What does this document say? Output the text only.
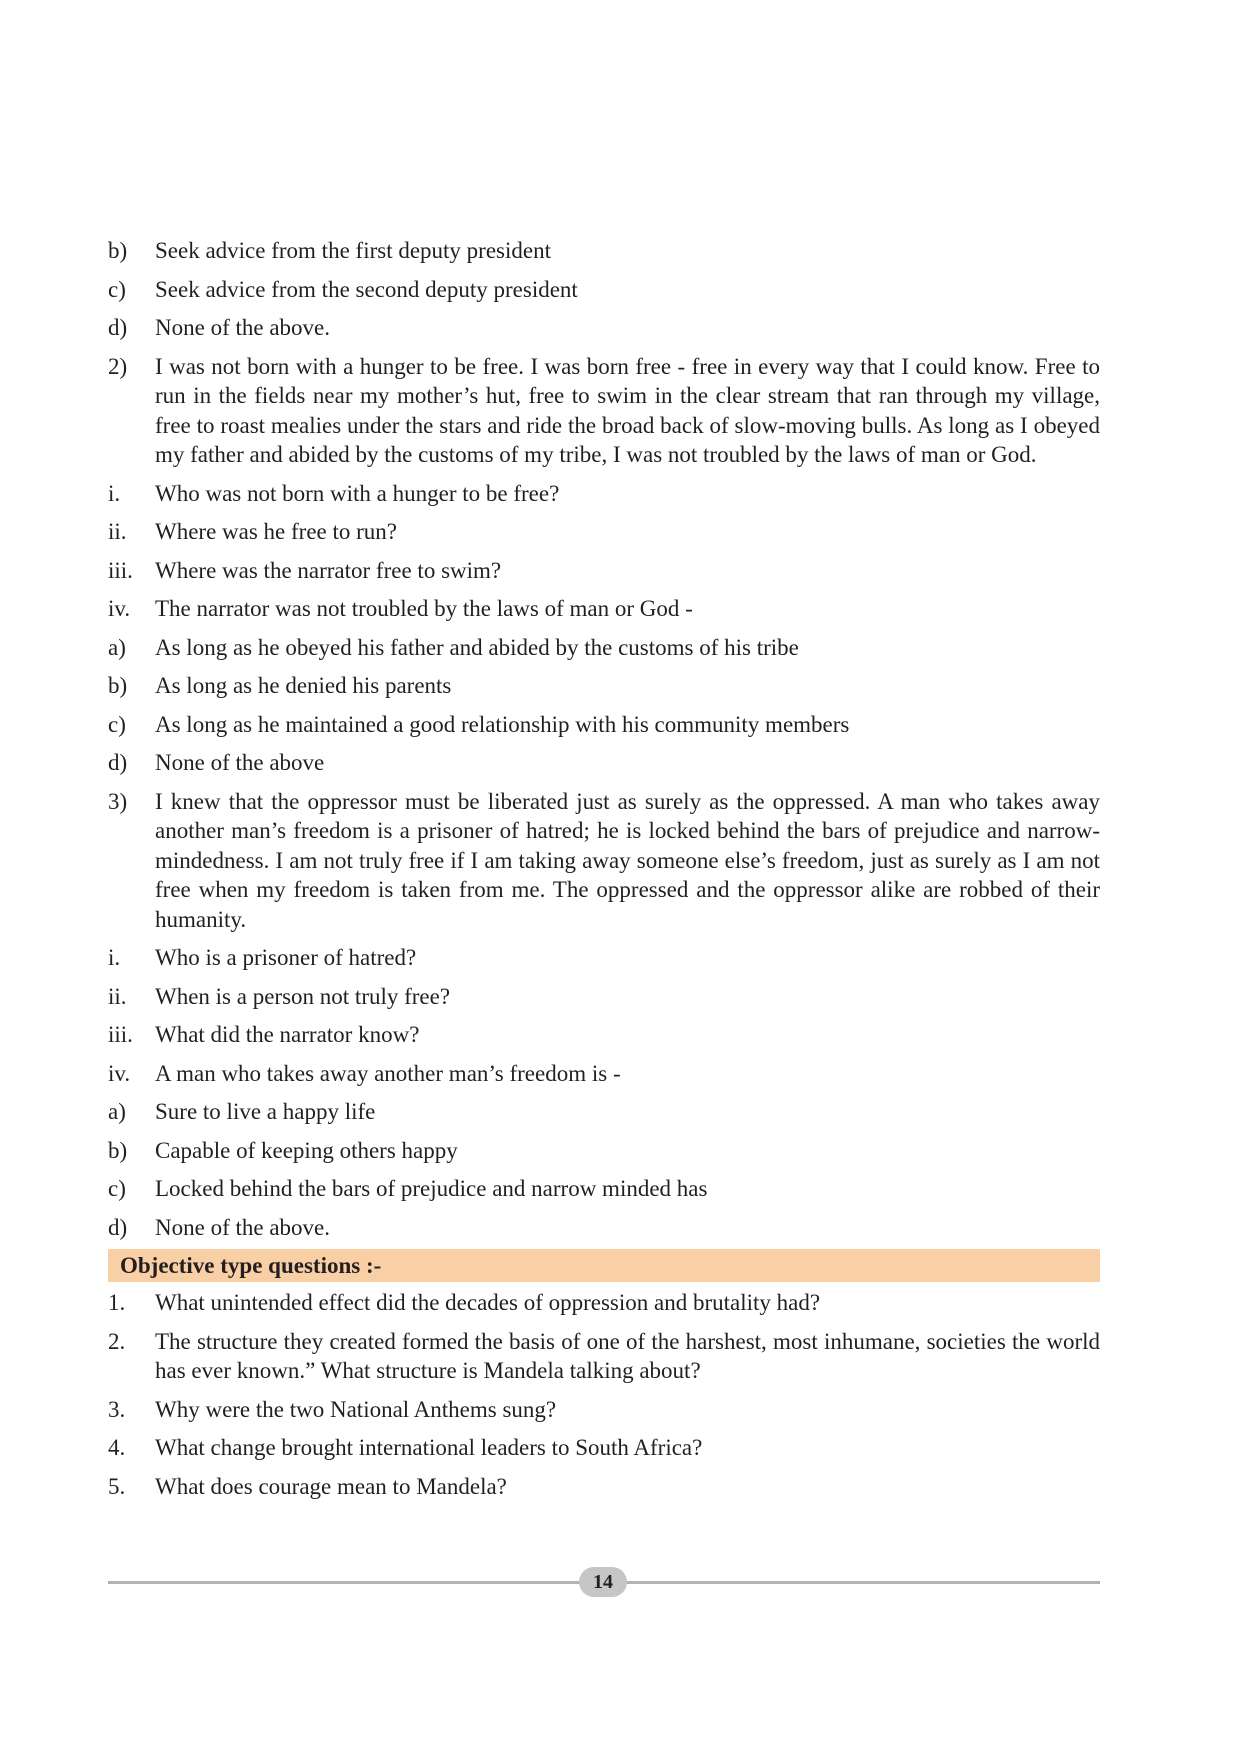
b)	Seek advice from the first deputy president
c)	Seek advice from the second deputy president
d)	None of the above.
2)	I was not born with a hunger to be free. I was born free - free in every way that I could know. Free to run in the fields near my mother’s hut, free to swim in the clear stream that ran through my village, free to roast mealies under the stars and ride the broad back of slow-moving bulls. As long as I obeyed my father and abided by the customs of my tribe, I was not troubled by the laws of man or God.
i.	Who was not born with a hunger to be free?
ii.	Where was he free to run?
iii. Where was the narrator free to swim?
iv.	The narrator was not troubled by the laws of man or God -
a)	As long as he obeyed his father and abided by the customs of his tribe
b)	As long as he denied his parents
c)	As long as he maintained a good relationship with his community members
d)	None of the above
3)	I knew that the oppressor must be liberated just as surely as the oppressed. A man who takes away another man’s freedom is a prisoner of hatred; he is locked behind the bars of prejudice and narrow- mindedness. I am not truly free if I am taking away someone else’s freedom, just as surely as I am not free when my freedom is taken from me. The oppressed and the oppressor alike are robbed of their humanity.
i.	Who is a prisoner of hatred?
ii.	When is a person not truly free?
iii. What did the narrator know?
iv.	A man who takes away another man’s freedom is -
a)	Sure to live a happy life
b)	Capable of keeping others happy
c)	Locked behind the bars of prejudice and narrow minded has
d)	None of the above.
Objective type questions :-
1.	What unintended effect did the decades of oppression and brutality had?
2.	The structure they created formed the basis of one of the harshest, most inhumane, societies the world has ever known.” What structure is Mandela talking about?
3.	Why were the two National Anthems sung?
4.	What change brought international leaders to South Africa?
5.	What does courage mean to Mandela?
14
